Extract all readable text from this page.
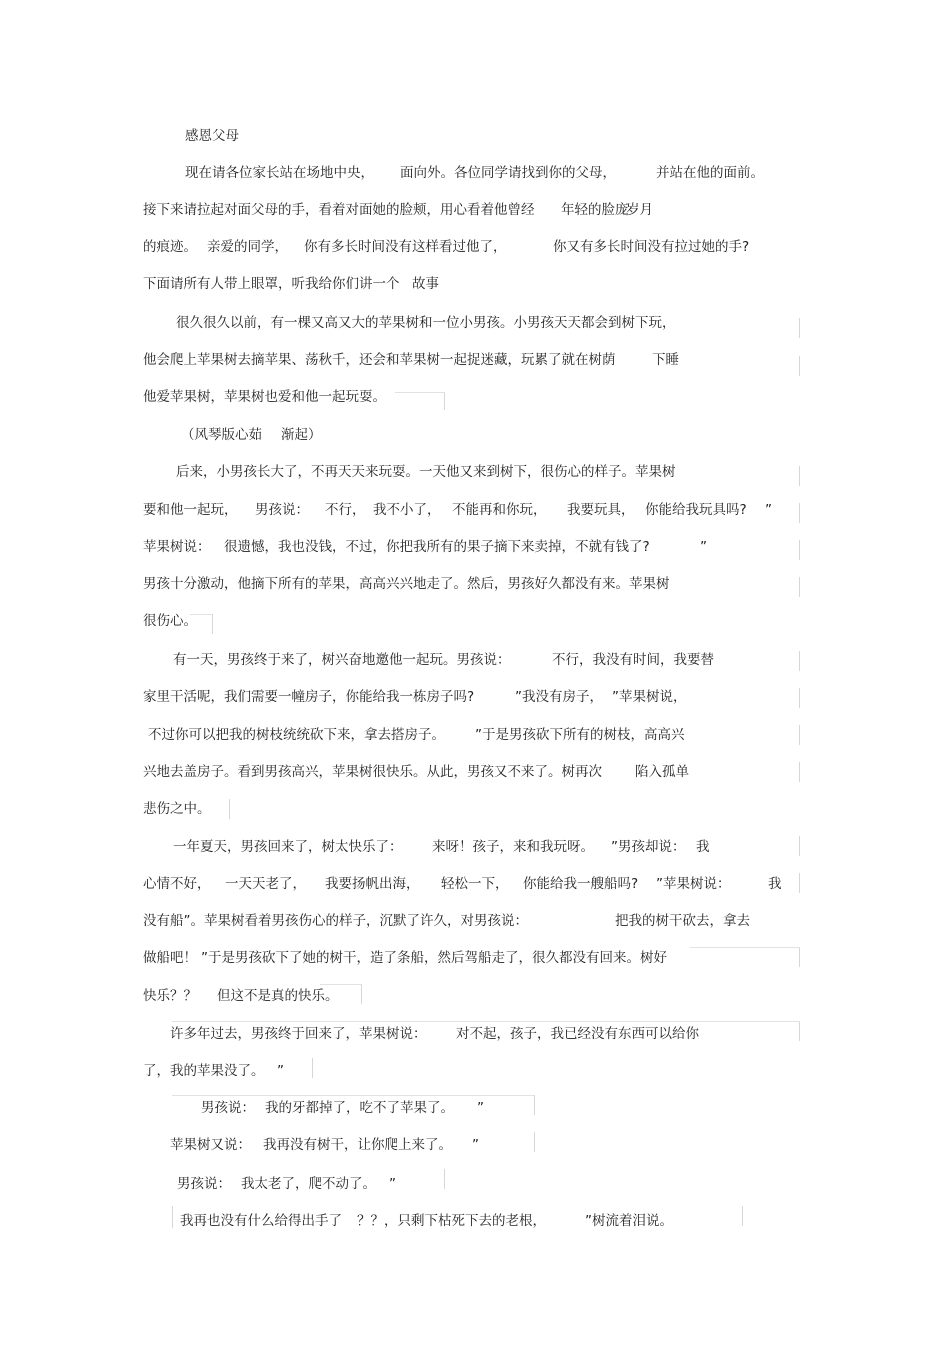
感恩父母
现在请各位家长站在场地中央， 面向外。各位同学请找到你的父母，	并站在他的面前。
接下来请拉起对面父母的手，看着对面她的脸颊，用心看着他曾经 年轻的脸庞
岁月
的痕迹。 亲爱的同学， 你有多长时间没有这样看过他了，	你又有多长时间没有拉过她的手?
下面请所有人带上眼罩，听我给你们讲一个 故事
很久很久以前，有一棵又高又大的苹果树和一位小男孩。小男孩天天都会到树下玩，
他会爬上苹果树去摘苹果、荡秋千，还会和苹果树一起捉迷藏，玩累了就在树荫	下睡
他爱苹果树，苹果树也爱和他一起玩耍。
（风琴版心茹 渐起）
后来，小男孩长大了，不再天天来玩耍。一天他又来到树下，很伤心的样子。苹果树
要和他一起玩， 男孩说： 不行， 我不小了， 不能再和你玩， 我要玩具， 你能给我玩具吗? ”
苹果树说： 很遗憾，我也没钱，不过，你把我所有的果子摘下来卖掉，不就有钱了?	”
男孩十分激动，他摘下所有的苹果，高高兴兴地走了。然后，男孩好久都没有来。苹果树
很伤心。
有一天，男孩终于来了，树兴奋地邀他一起玩。男孩说：	不行，我没有时间，我要替
家里干活呢，我们需要一幢房子，你能给我一栋房子吗?	”我没有房子， ”苹果树说，
不过你可以把我的树枝统统砍下来，拿去搭房子。 ”于是男孩砍下所有的树枝，高高兴
兴地去盖房子。看到男孩高兴，苹果树很快乐。从此，男孩又不来了。树再次 陷入孤单
悲伤之中。
一年夏天，男孩回来了，树太快乐了： 来呀！孩子，来和我玩呀。 ”男孩却说： 我
心情不好， 一天天老了， 我要扬帆出海， 轻松一下， 你能给我一艘船吗? ”苹果树说：	我
没有船”。苹果树看着男孩伤心的样子，沉默了许久，对男孩说：	把我的树干砍去，拿去
做船吧！ ”于是男孩砍下了她的树干，造了条船，然后驾船走了，很久都没有回来。树好
快乐？？ 但这不是真的快乐。
许多年过去，男孩终于回来了，苹果树说： 对不起，孩子，我已经没有东西可以给你
了，我的苹果没了。 ”
男孩说： 我的牙都掉了，吃不了苹果了。 ”
苹果树又说： 我再没有树干，让你爬上来了。 ”
男孩说： 我太老了，爬不动了。 ”
我再也没有什么给得出手了 ？？，只剩下枯死下去的老根，	”树流着泪说。
